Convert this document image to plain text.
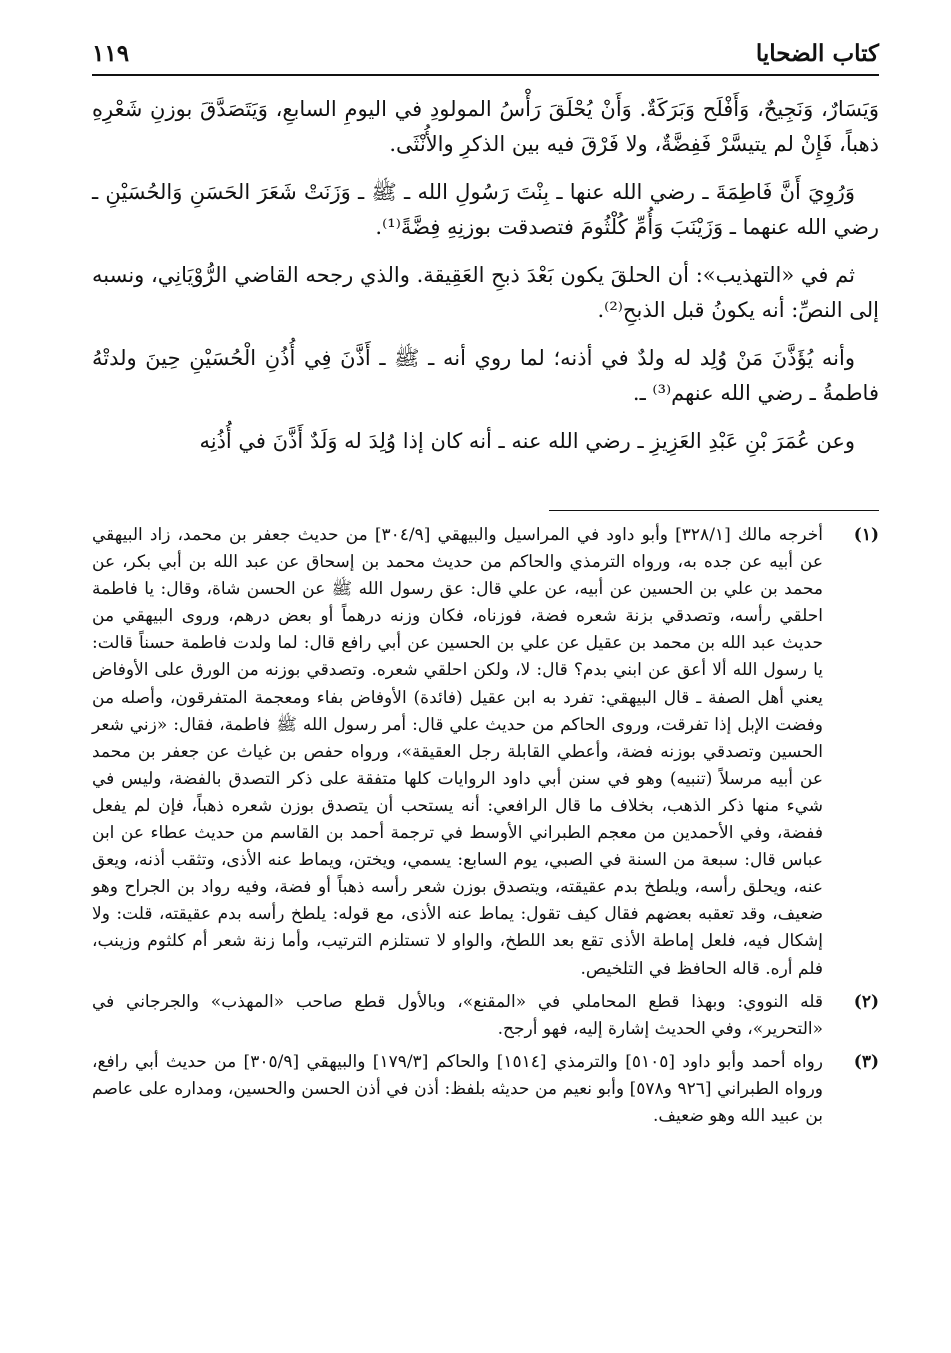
كتاب الضحايا
١١٩

وَيَسَارٌ، وَنَجِيحٌ، وَأَفْلَح وَبَرَكَةٌ. وَأَنْ يُحْلَقَ رَأْسُ المولودِ في اليومِ السابعِ، وَيَتَصَدَّقَ بوزنِ شَعْرِهِ ذهباً، فَإِنْ لم يتيسَّرْ فَفِضَّةٌ، ولا فَرْقَ فيه بين الذكرِ والأُنْثَى.

وَرُوِيَ أَنَّ فَاطِمَةَ ـ رضي الله عنها ـ بِنْتَ رَسُولِ الله ـ ﷺ ـ وَزَنَتْ شَعَرَ الحَسَنِ وَالحُسَيْنِ ـ رضي الله عنهما ـ وَزَيْنَبَ وَأُمِّ كُلْثُومَ فتصدقت بوزنِهِ فِضَّةً⁽¹⁾.

ثم في «التهذيب»: أن الحلقَ يكون بَعْدَ ذبحِ العَقِيقة. والذي رجحه القاضي الرُّوْيَانِي، ونسبه إلى النصِّ: أنه يكونُ قبل الذبحِ⁽²⁾.

وأنه يُؤَذَّنَ مَنْ وُلِد له ولدٌ في أذنه؛ لما روي أنه ـ ﷺ ـ أَذَّنَ فِي أُذُنِ الْحُسَيْنِ حِينَ ولدتْهُ فاطمةُ ـ رضي الله عنهم⁽³⁾ ـ.

وعن عُمَرَ بْنِ عَبْدِ العَزِيزِ ـ رضي الله عنه ـ أنه كان إذا وُلِدَ له وَلَدٌ أَذَّنَ في أُذُنِه

(١)
أخرجه مالك [٣٢٨/١] وأبو داود في المراسيل والبيهقي [٣٠٤/٩] من حديث جعفر بن محمد، زاد البيهقي عن أبيه عن جده به، ورواه الترمذي والحاكم من حديث محمد بن إسحاق عن عبد الله بن أبي بكر، عن محمد بن علي بن الحسين عن أبيه، عن علي قال: عق رسول الله ﷺ عن الحسن شاة، وقال: يا فاطمة احلقي رأسه، وتصدقي بزنة شعره فضة، فوزناه، فكان وزنه درهماً أو بعض درهم، وروى البيهقي من حديث عبد الله بن محمد بن عقيل عن علي بن الحسين عن أبي رافع قال: لما ولدت فاطمة حسناً قالت: يا رسول الله ألا أعق عن ابني بدم؟ قال: لا، ولكن احلقي شعره. وتصدقي بوزنه من الورق على الأوفاض يعني أهل الصفة ـ قال البيهقي: تفرد به ابن عقيل (فائدة) الأوفاض بفاء ومعجمة المتفرقون، وأصله من وفضت الإبل إذا تفرقت، وروى الحاكم من حديث علي قال: أمر رسول الله ﷺ فاطمة، فقال: «زني شعر الحسين وتصدقي بوزنه فضة، وأعطي القابلة رجل العقيقة»، ورواه حفص بن غياث عن جعفر بن محمد عن أبيه مرسلاً (تنبيه) وهو في سنن أبي داود الروايات كلها متفقة على ذكر التصدق بالفضة، وليس في شيء منها ذكر الذهب، بخلاف ما قال الرافعي: أنه يستحب أن يتصدق بوزن شعره ذهباً، فإن لم يفعل ففضة، وفي الأحمدين من معجم الطبراني الأوسط في ترجمة أحمد بن القاسم من حديث عطاء عن ابن عباس قال: سبعة من السنة في الصبي، يوم السابع: يسمي، ويختن، ويماط عنه الأذى، وتثقب أذنه، ويعق عنه، ويحلق رأسه، ويلطخ بدم عقيقته، ويتصدق بوزن شعر رأسه ذهباً أو فضة، وفيه رواد بن الجراح وهو ضعيف، وقد تعقبه بعضهم فقال كيف تقول: يماط عنه الأذى، مع قوله: يلطخ رأسه بدم عقيقته، قلت: ولا إشكال فيه، فلعل إماطة الأذى تقع بعد اللطخ، والواو لا تستلزم الترتيب، وأما زنة شعر أم كلثوم وزينب، فلم أره. قاله الحافظ في التلخيص.
(٢)
قله النووي: وبهذا قطع المحاملي في «المقنع»، وبالأول قطع صاحب «المهذب» والجرجاني في «التحرير»، وفي الحديث إشارة إليه، فهو أرجح.
(٣)
رواه أحمد وأبو داود [٥١٠٥] والترمذي [١٥١٤] والحاكم [١٧٩/٣] والبيهقي [٣٠٥/٩] من حديث أبي رافع، ورواه الطبراني [٩٢٦ و٥٧٨] وأبو نعيم من حديثه بلفظ: أذن في أذن الحسن والحسين، ومداره على عاصم بن عبيد الله وهو ضعيف.
